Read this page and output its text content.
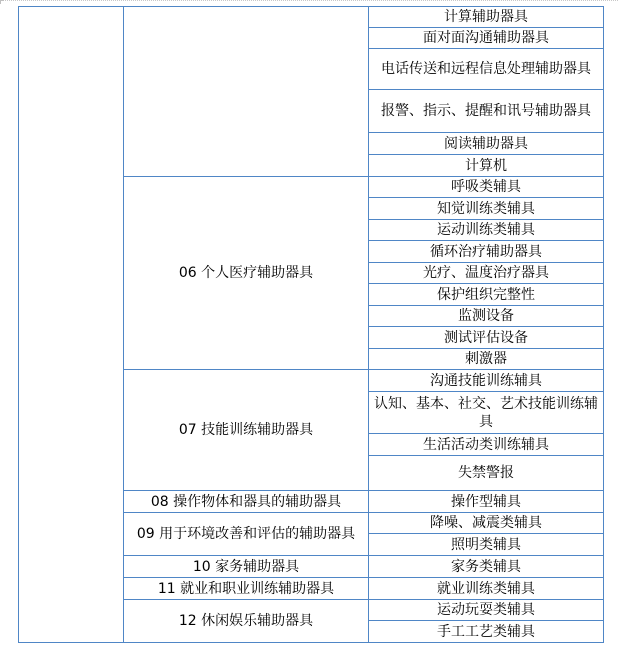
06 个人医疗辅助器具
07 技能训练辅助器具
08 操作物体和器具的辅助器具
09 用于环境改善和评估的辅助器具
10 家务辅助器具
11 就业和职业训练辅助器具
12 休闲娱乐辅助器具
计算辅助器具
面对面沟通辅助器具
电话传送和远程信息处理辅助器具
报警、指示、提醒和讯号辅助器具
阅读辅助器具
计算机
呼吸类辅具
知觉训练类辅具
运动训练类辅具
循环治疗辅助器具
光疗、温度治疗器具
保护组织完整性
监测设备
测试评估设备
刺激器
沟通技能训练辅具
认知、基本、社交、艺术技能训练辅具
生活活动类训练辅具
失禁警报
操作型辅具
降噪、减震类辅具
照明类辅具
家务类辅具
就业训练类辅具
运动玩耍类辅具
手工工艺类辅具
